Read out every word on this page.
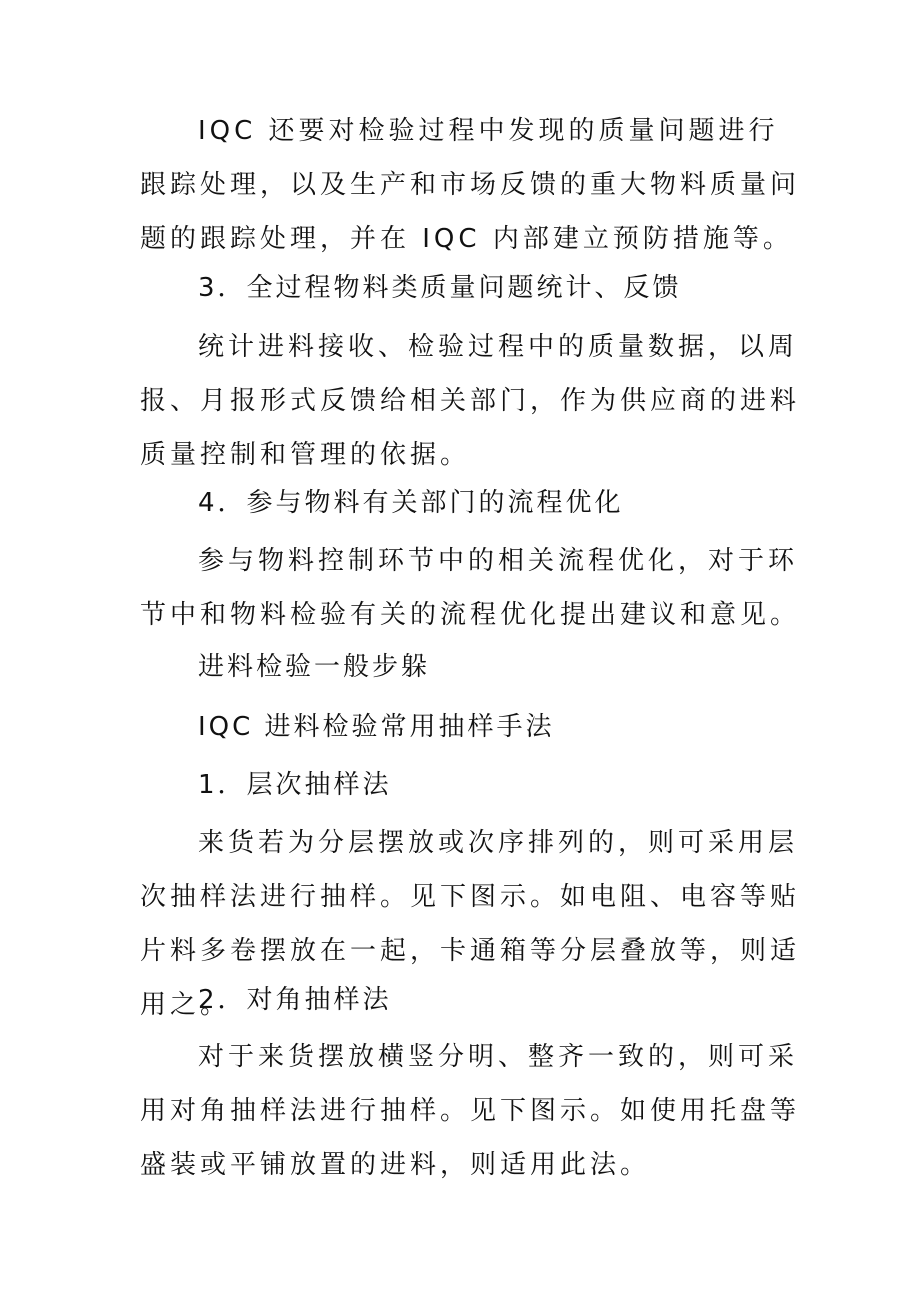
IQC 还要对检验过程中发现的质量问题进行跟踪处理，以及生产和市场反馈的重大物料质量问题的跟踪处理，并在 IQC 内部建立预防措施等。

3．全过程物料类质量问题统计、反馈

统计进料接收、检验过程中的质量数据，以周报、月报形式反馈给相关部门，作为供应商的进料质量控制和管理的依据。

4．参与物料有关部门的流程优化

参与物料控制环节中的相关流程优化，对于环节中和物料检验有关的流程优化提出建议和意见。

进料检验一般步躲

IQC 进料检验常用抽样手法

1．层次抽样法

来货若为分层摆放或次序排列的，则可采用层次抽样法进行抽样。见下图示。如电阻、电容等贴片料多卷摆放在一起，卡通箱等分层叠放等，则适用之。

2．对角抽样法

对于来货摆放横竖分明、整齐一致的，则可采用对角抽样法进行抽样。见下图示。如使用托盘等盛装或平铺放置的进料，则适用此法。
